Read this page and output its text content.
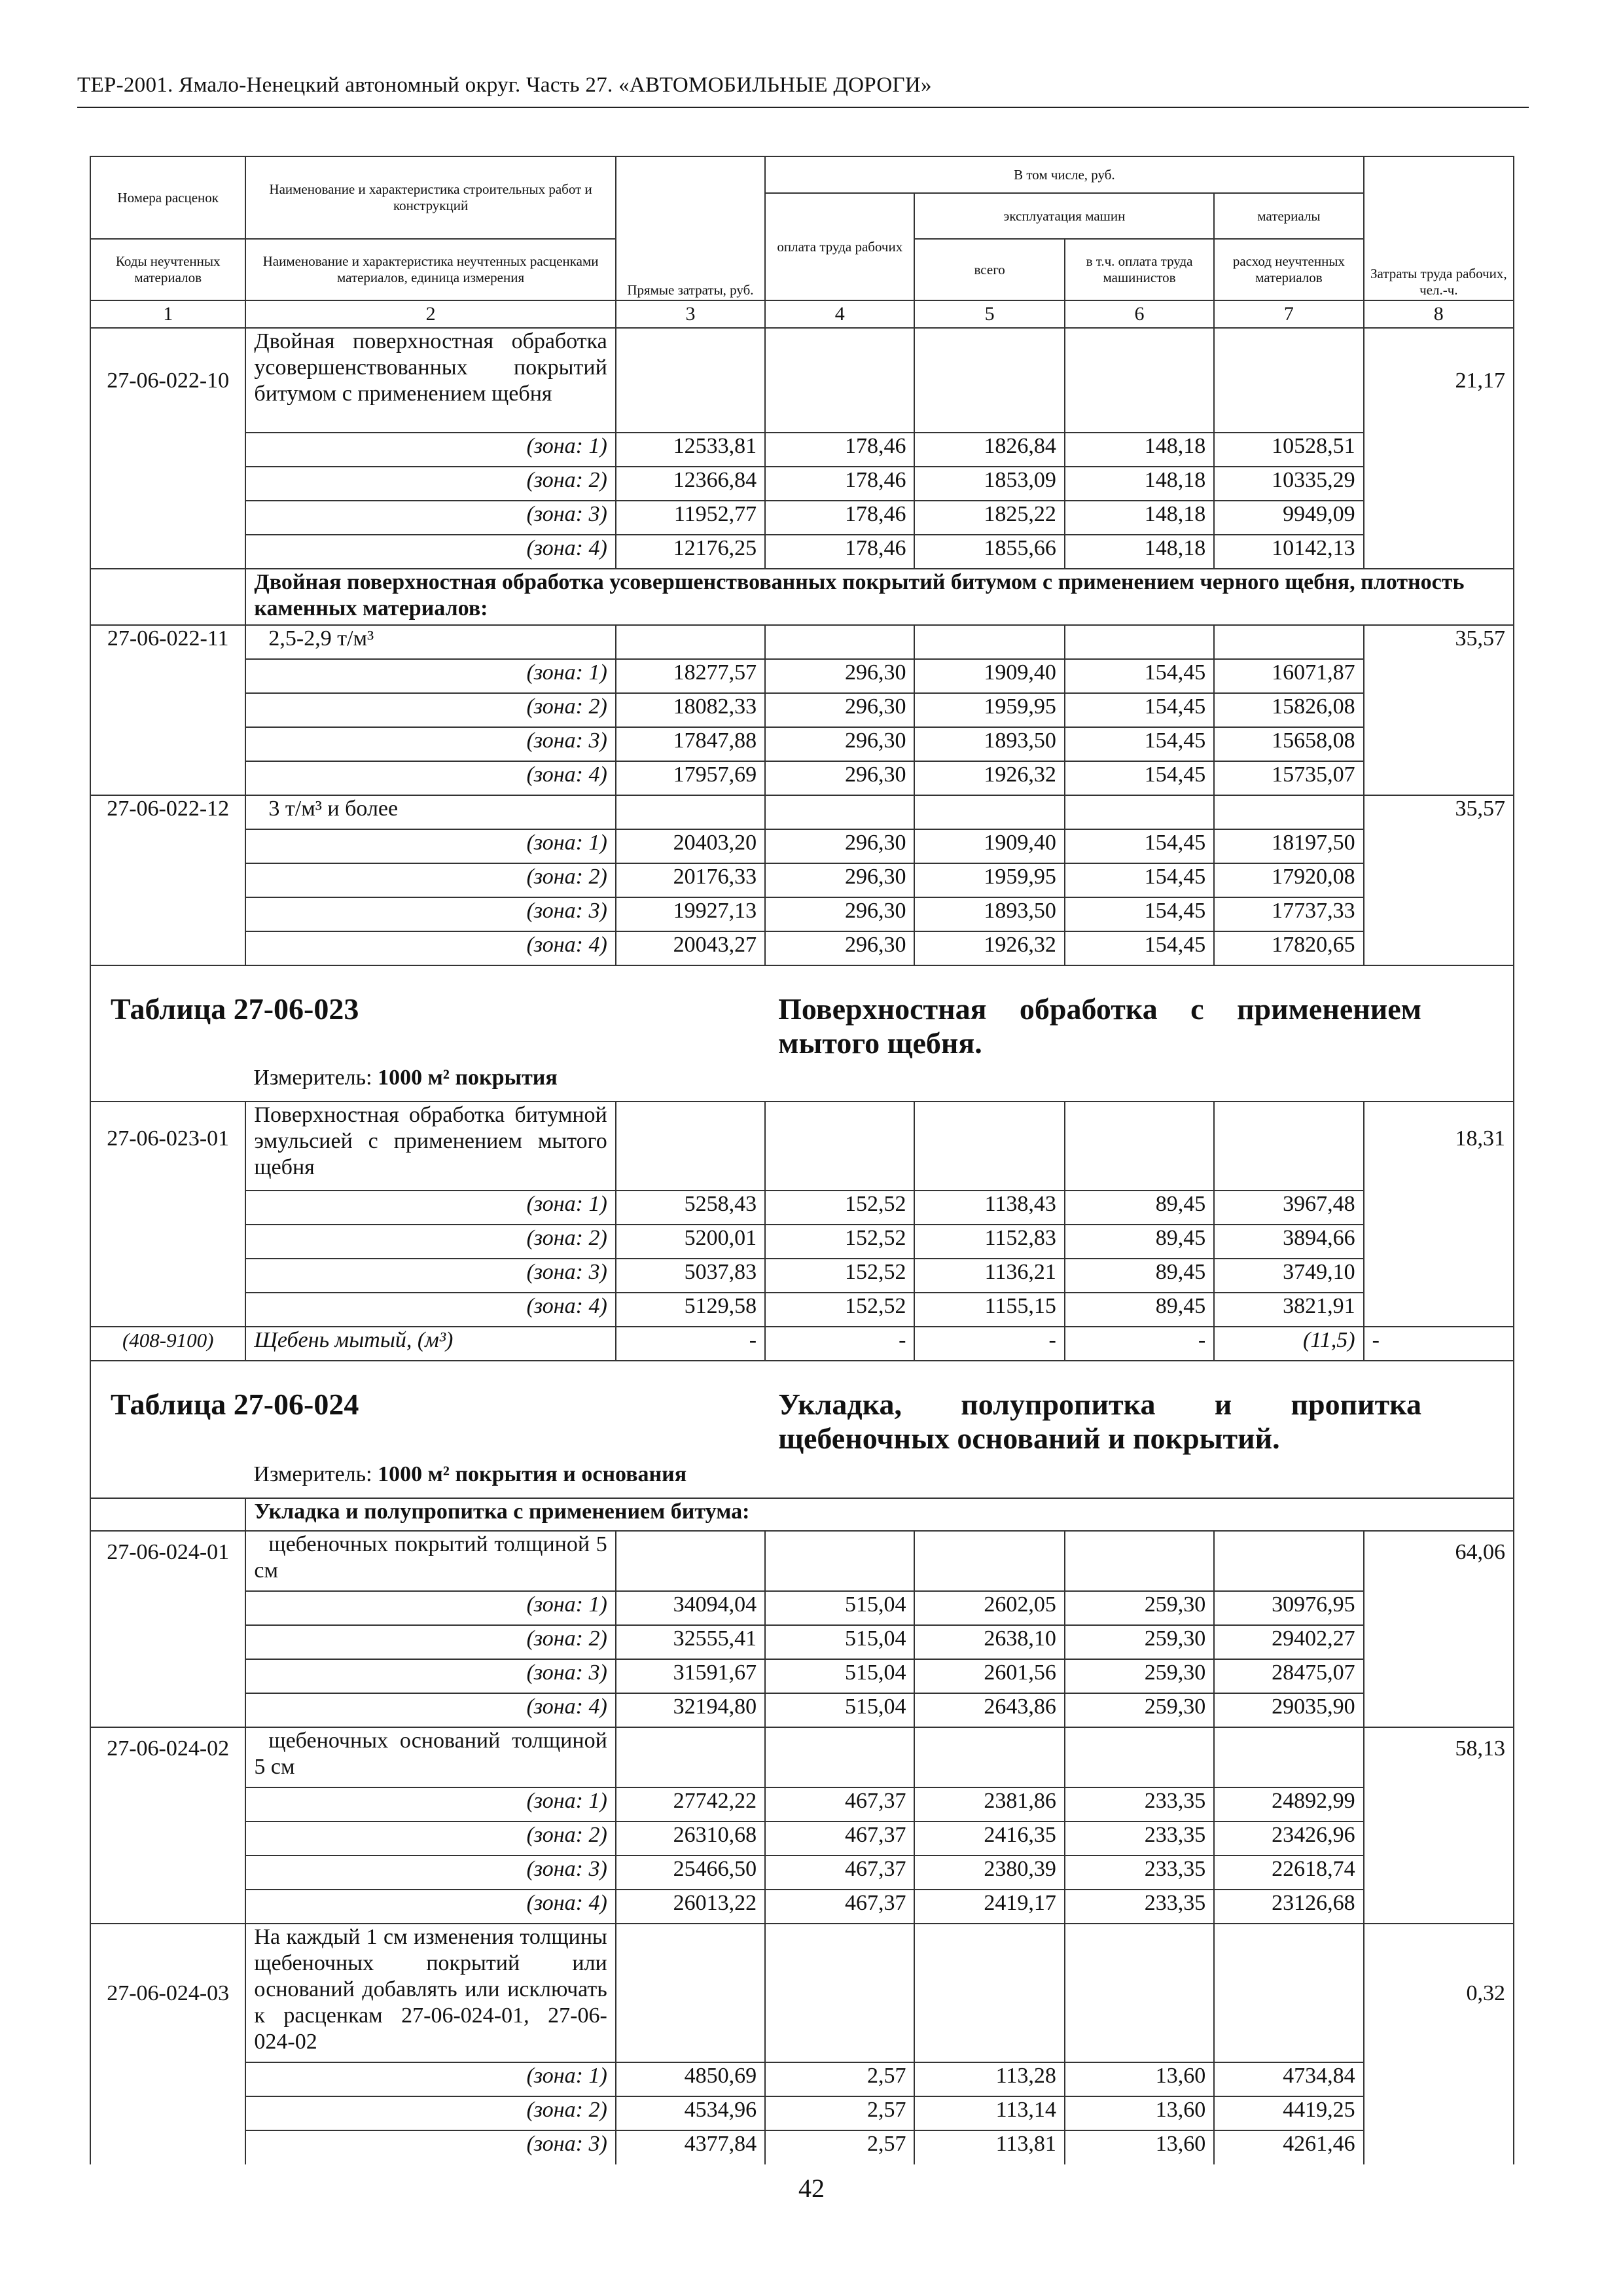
ТЕР-2001. Ямало-Ненецкий автономный округ. Часть 27. «АВТОМОБИЛЬНЫЕ ДОРОГИ»
Номера расценок	Наименование и характеристика строительных работ и конструкций	Прямые затраты, руб.	В том числе, руб.				Затраты труда рабочих, чел.-ч.
			оплата труда рабочих	эксплуатация машин		материалы	
Коды неучтенных материалов	Наименование и характеристика неучтенных расценками материалов, единица измерения			всего	в т.ч. оплата труда машинистов	расход неучтенных материалов	
1	2	3	4	5	6	7	8
27-06-022-10	Двойная поверхностная обработка усовершенствованных покрытий битумом с применением щебня						21,17
	(зона: 1)	12533,81	178,46	1826,84	148,18	10528,51	
	(зона: 2)	12366,84	178,46	1853,09	148,18	10335,29	
	(зона: 3)	11952,77	178,46	1825,22	148,18	9949,09	
	(зона: 4)	12176,25	178,46	1855,66	148,18	10142,13	
	Двойная поверхностная обработка усовершенствованных покрытий битумом с применением черного щебня, плотность каменных материалов:						
27-06-022-11	2,5-2,9 т/м³						35,57
	(зона: 1)	18277,57	296,30	1909,40	154,45	16071,87	
	(зона: 2)	18082,33	296,30	1959,95	154,45	15826,08	
	(зона: 3)	17847,88	296,30	1893,50	154,45	15658,08	
	(зона: 4)	17957,69	296,30	1926,32	154,45	15735,07	
27-06-022-12	3 т/м³ и более						35,57
	(зона: 1)	20403,20	296,30	1909,40	154,45	18197,50	
	(зона: 2)	20176,33	296,30	1959,95	154,45	17920,08	
	(зона: 3)	19927,13	296,30	1893,50	154,45	17737,33	
	(зона: 4)	20043,27	296,30	1926,32	154,45	17820,65	
Таблица 27-06-023			Поверхностная обработка с применением мытого щебня.				
	Измеритель: 1000 м² покрытия						
27-06-023-01	Поверхностная обработка битумной эмульсией с применением мытого щебня						18,31
	(зона: 1)	5258,43	152,52	1138,43	89,45	3967,48	
	(зона: 2)	5200,01	152,52	1152,83	89,45	3894,66	
	(зона: 3)	5037,83	152,52	1136,21	89,45	3749,10	
	(зона: 4)	5129,58	152,52	1155,15	89,45	3821,91	
(408-9100)	Щебень мытый, (м³)	-	-	-	-	(11,5)	-
Таблица 27-06-024			Укладка, полупропитка и пропитка щебеночных оснований и покрытий.				
	Измеритель: 1000 м² покрытия и основания						
	Укладка и полупропитка с применением битума:						
27-06-024-01	щебеночных покрытий толщиной 5 см						64,06
	(зона: 1)	34094,04	515,04	2602,05	259,30	30976,95	
	(зона: 2)	32555,41	515,04	2638,10	259,30	29402,27	
	(зона: 3)	31591,67	515,04	2601,56	259,30	28475,07	
	(зона: 4)	32194,80	515,04	2643,86	259,30	29035,90	
27-06-024-02	щебеночных оснований толщиной 5 см						58,13
	(зона: 1)	27742,22	467,37	2381,86	233,35	24892,99	
	(зона: 2)	26310,68	467,37	2416,35	233,35	23426,96	
	(зона: 3)	25466,50	467,37	2380,39	233,35	22618,74	
	(зона: 4)	26013,22	467,37	2419,17	233,35	23126,68	
27-06-024-03	На каждый 1 см изменения толщины щебеночных покрытий или оснований добавлять или исключать к расценкам 27-06-024-01, 27-06-024-02						0,32
	(зона: 1)	4850,69	2,57	113,28	13,60	4734,84	
	(зона: 2)	4534,96	2,57	113,14	13,60	4419,25	
	(зона: 3)	4377,84	2,57	113,81	13,60	4261,46	
42
